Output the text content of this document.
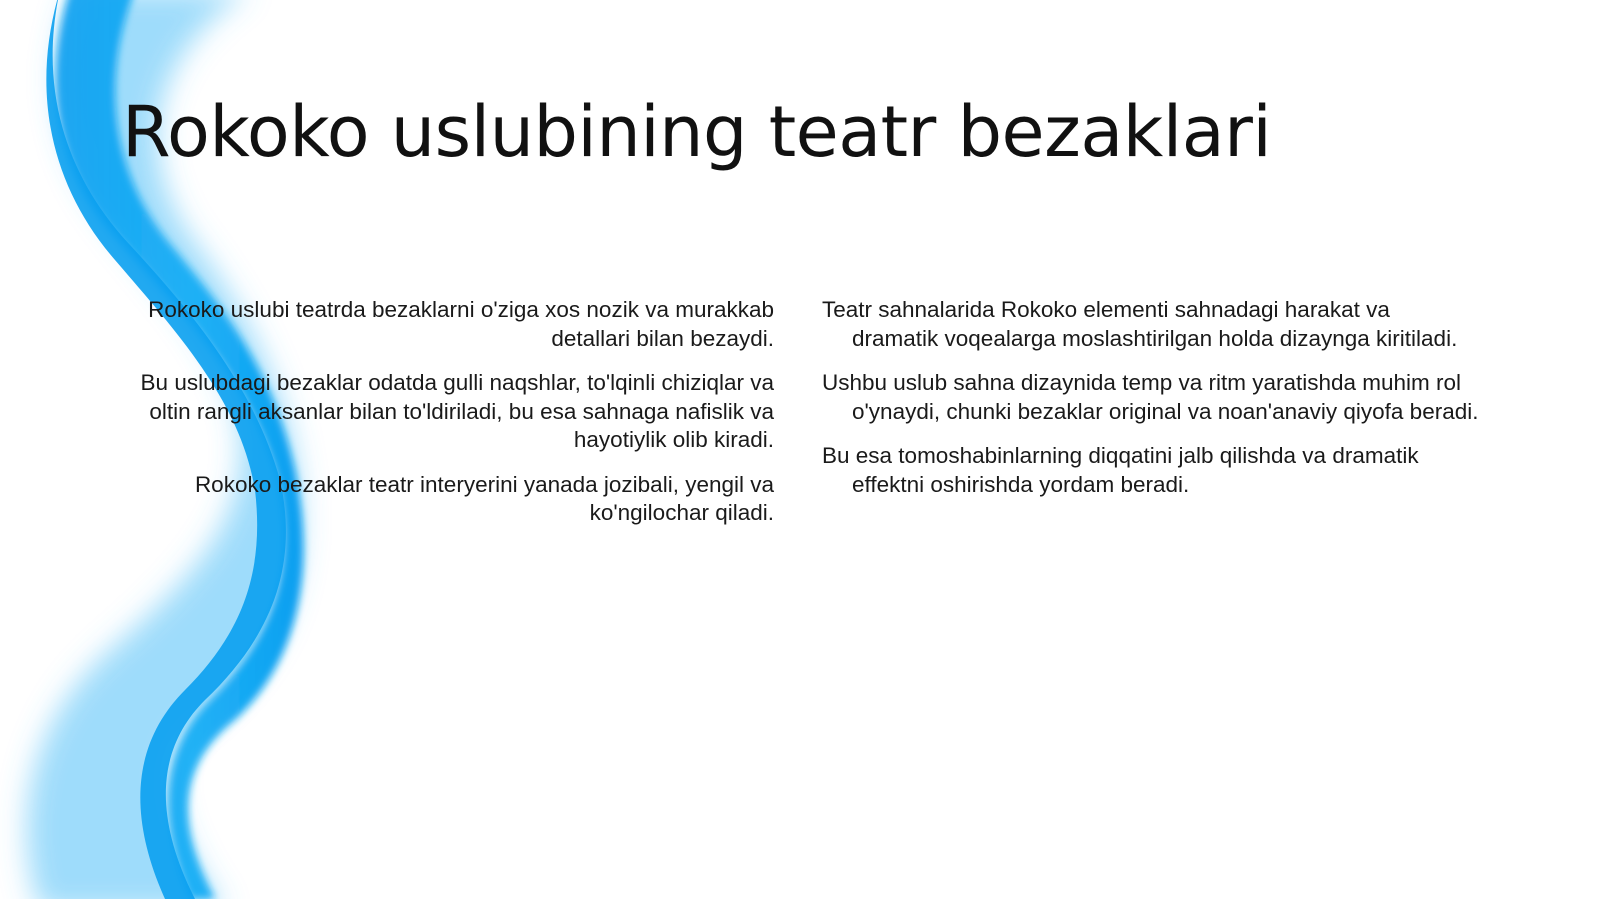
Rokoko uslubining teatr bezaklari

Rokoko uslubi teatrda bezaklarni o'ziga xos nozik va murakkab detallari bilan bezaydi.

Bu uslubdagi bezaklar odatda gulli naqshlar, to'lqinli chiziqlar va oltin rangli aksanlar bilan to'ldiriladi, bu esa sahnaga nafislik va hayotiylik olib kiradi.

Rokoko bezaklar teatr interyerini yanada jozibali, yengil va ko'ngilochar qiladi.

Teatr sahnalarida Rokoko elementi sahnadagi harakat va dramatik voqealarga moslashtirilgan holda dizaynga kiritiladi.

Ushbu uslub sahna dizaynida temp va ritm yaratishda muhim rol o'ynaydi, chunki bezaklar original va noan'anaviy qiyofa beradi.

Bu esa tomoshabinlarning diqqatini jalb qilishda va dramatik effektni oshirishda yordam beradi.
